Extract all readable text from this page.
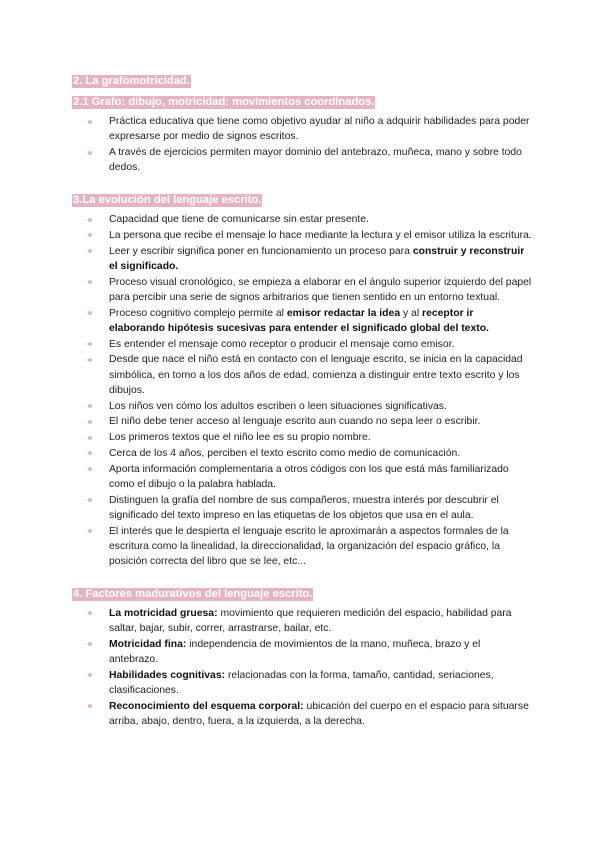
2. La grafomotricidad.
2.1 Grafo: dibujo, motricidad: movimientos coordinados.
Práctica educativa que tiene como objetivo ayudar al niño a adquirir habilidades para poder expresarse por medio de signos escritos.
A través de ejercicios permiten mayor dominio del antebrazo, muñeca, mano y sobre todo dedos.
3.La evolución del lenguaje escrito.
Capacidad que tiene de comunicarse sin estar presente.
La persona que recibe el mensaje lo hace mediante la lectura y el emisor utiliza la escritura.
Leer y escribir significa poner en funcionamiento un proceso para construir y reconstruir el significado.
Proceso visual cronológico, se empieza a elaborar en el ángulo superior izquierdo del papel para percibir una serie de signos arbitrarios que tienen sentido en un entorno textual.
Proceso cognitivo complejo permite al emisor redactar la idea y al receptor ir elaborando hipótesis sucesivas para entender el significado global del texto.
Es entender el mensaje como receptor o producir el mensaje como emisor.
Desde que nace el niño está en contacto con el lenguaje escrito, se inicia en la capacidad simbólica, en torno a los dos años de edad, comienza a distinguir entre texto escrito y los dibujos.
Los niños ven cómo los adultos escriben o leen situaciones significativas.
El niño debe tener acceso al lenguaje escrito aun cuando no sepa leer o escribir.
Los primeros textos que el niño lee es su propio nombre.
Cerca de los 4 años, perciben el texto escrito como medio de comunicación.
Aporta información complementaria a otros códigos con los que está más familiarizado como el dibujo o la palabra hablada.
Distinguen la grafía del nombre de sus compañeros, muestra interés por descubrir el significado del texto impreso en las etiquetas de los objetos que usa en el aula.
El interés que le despierta el lenguaje escrito le aproximarán a aspectos formales de la escritura como la linealidad, la direccionalidad, la organización del espacio gráfico, la posición correcta del libro que se lee, etc...
4. Factores madurativos del lenguaje escrito.
La motricidad gruesa: movimiento que requieren medición del espacio, habilidad para saltar, bajar, subir, correr, arrastrarse, bailar, etc.
Motricidad fina: independencia de movimientos de la mano, muñeca, brazo y el antebrazo.
Habilidades cognitivas: relacionadas con la forma, tamaño, cantidad, seriaciones, clasificaciones.
Reconocimiento del esquema corporal: ubicación del cuerpo en el espacio para situarse arriba, abajo, dentro, fuera, a la izquierda, a la derecha.
